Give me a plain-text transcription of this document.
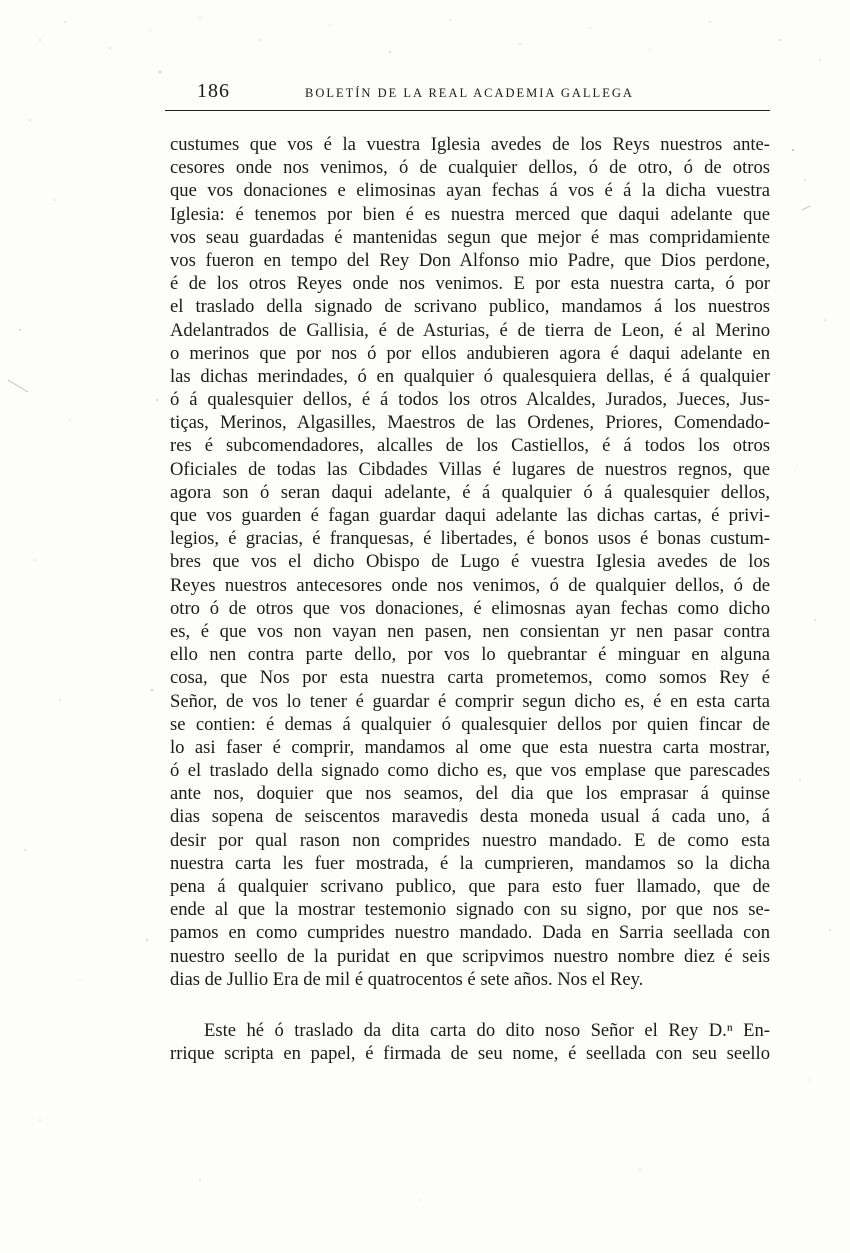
186	BOLETÍN DE LA REAL ACADEMIA GALLEGA
custumes que vos é la vuestra Iglesia avedes de los Reys nuestros ante-
cesores onde nos venimos, ó de cualquier dellos, ó de otro, ó de otros
que vos donaciones e elimosinas ayan fechas á vos é á la dicha vuestra
Iglesia: é tenemos por bien é es nuestra merced que daqui adelante que
vos seau guardadas é mantenidas segun que mejor é mas compridamiente
vos fueron en tempo del Rey Don Alfonso mio Padre, que Dios perdone,
é de los otros Reyes onde nos venimos. E por esta nuestra carta, ó por
el traslado della signado de scrivano publico, mandamos á los nuestros
Adelantrados de Gallisia, é de Asturias, é de tierra de Leon, é al Merino
o merinos que por nos ó por ellos andubieren agora é daqui adelante en
las dichas merindades, ó en qualquier ó qualesquiera dellas, é á qualquier
ó á qualesquier dellos, é á todos los otros Alcaldes, Jurados, Jueces, Jus-
tiças, Merinos, Algasilles, Maestros de las Ordenes, Priores, Comendado-
res é subcomendadores, alcalles de los Castiellos, é á todos los otros
Oficiales de todas las Cibdades Villas é lugares de nuestros regnos, que
agora son ó seran daqui adelante, é á qualquier ó á qualesquier dellos,
que vos guarden é fagan guardar daqui adelante las dichas cartas, é privi-
legios, é gracias, é franquesas, é libertades, é bonos usos é bonas custum-
bres que vos el dicho Obispo de Lugo é vuestra Iglesia avedes de los
Reyes nuestros antecesores onde nos venimos, ó de qualquier dellos, ó de
otro ó de otros que vos donaciones, é elimosnas ayan fechas como dicho
es, é que vos non vayan nen pasen, nen consientan yr nen pasar contra
ello nen contra parte dello, por vos lo quebrantar é minguar en alguna
cosa, que Nos por esta nuestra carta prometemos, como somos Rey é
Señor, de vos lo tener é guardar é comprir segun dicho es, é en esta carta
se contien: é demas á qualquier ó qualesquier dellos por quien fincar de
lo asi faser é comprir, mandamos al ome que esta nuestra carta mostrar,
ó el traslado della signado como dicho es, que vos emplase que parescades
ante nos, doquier que nos seamos, del dia que los emprasar á quinse
dias sopena de seiscentos maravedis desta moneda usual á cada uno, á
desir por qual rason non comprides nuestro mandado. E de como esta
nuestra carta les fuer mostrada, é la cumprieren, mandamos so la dicha
pena á qualquier scrivano publico, que para esto fuer llamado, que de
ende al que la mostrar testemonio signado con su signo, por que nos se-
pamos en como cumprides nuestro mandado. Dada en Sarria seellada con
nuestro seello de la puridat en que scripvimos nuestro nombre diez é seis
dias de Jullio Era de mil é quatrocentos é sete años. Nos el Rey.
Este hé ó traslado da dita carta do dito noso Señor el Rey D.ⁿ En-
rrique scripta en papel, é firmada de seu nome, é seellada con seu seello
